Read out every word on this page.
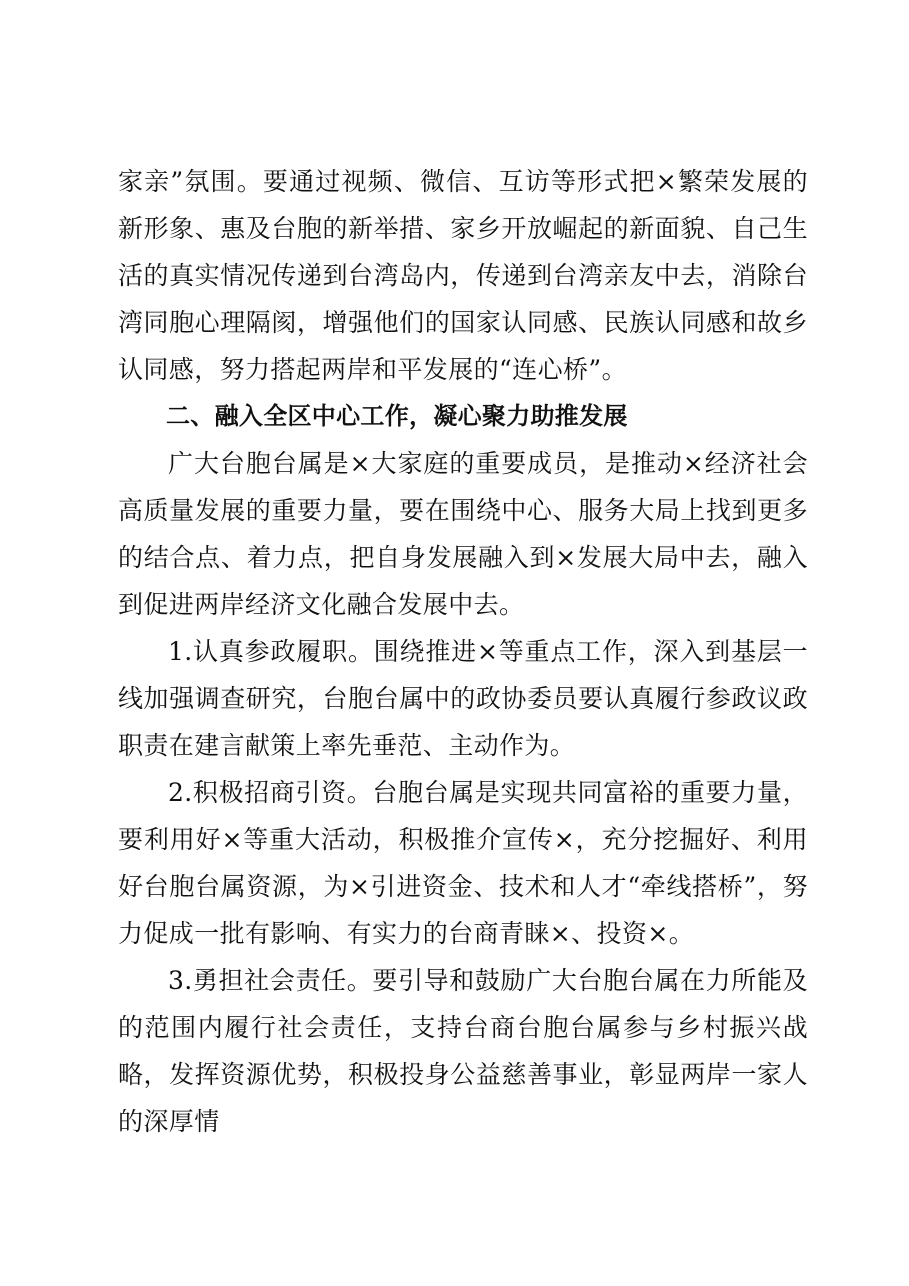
家亲”氛围。要通过视频、微信、互访等形式把×繁荣发展的新形象、惠及台胞的新举措、家乡开放崛起的新面貌、自己生活的真实情况传递到台湾岛内，传递到台湾亲友中去，消除台湾同胞心理隔阂，增强他们的国家认同感、民族认同感和故乡认同感，努力搭起两岸和平发展的“连心桥”。

二、融入全区中心工作，凝心聚力助推发展

广大台胞台属是×大家庭的重要成员，是推动×经济社会高质量发展的重要力量，要在围绕中心、服务大局上找到更多的结合点、着力点，把自身发展融入到×发展大局中去，融入到促进两岸经济文化融合发展中去。

1.认真参政履职。围绕推进×等重点工作，深入到基层一线加强调查研究，台胞台属中的政协委员要认真履行参政议政职责在建言献策上率先垂范、主动作为。

2.积极招商引资。台胞台属是实现共同富裕的重要力量，要利用好×等重大活动，积极推介宣传×，充分挖掘好、利用好台胞台属资源，为×引进资金、技术和人才“牵线搭桥”，努力促成一批有影响、有实力的台商青睐×、投资×。

3.勇担社会责任。要引导和鼓励广大台胞台属在力所能及的范围内履行社会责任，支持台商台胞台属参与乡村振兴战略，发挥资源优势，积极投身公益慈善事业，彰显两岸一家人的深厚情
